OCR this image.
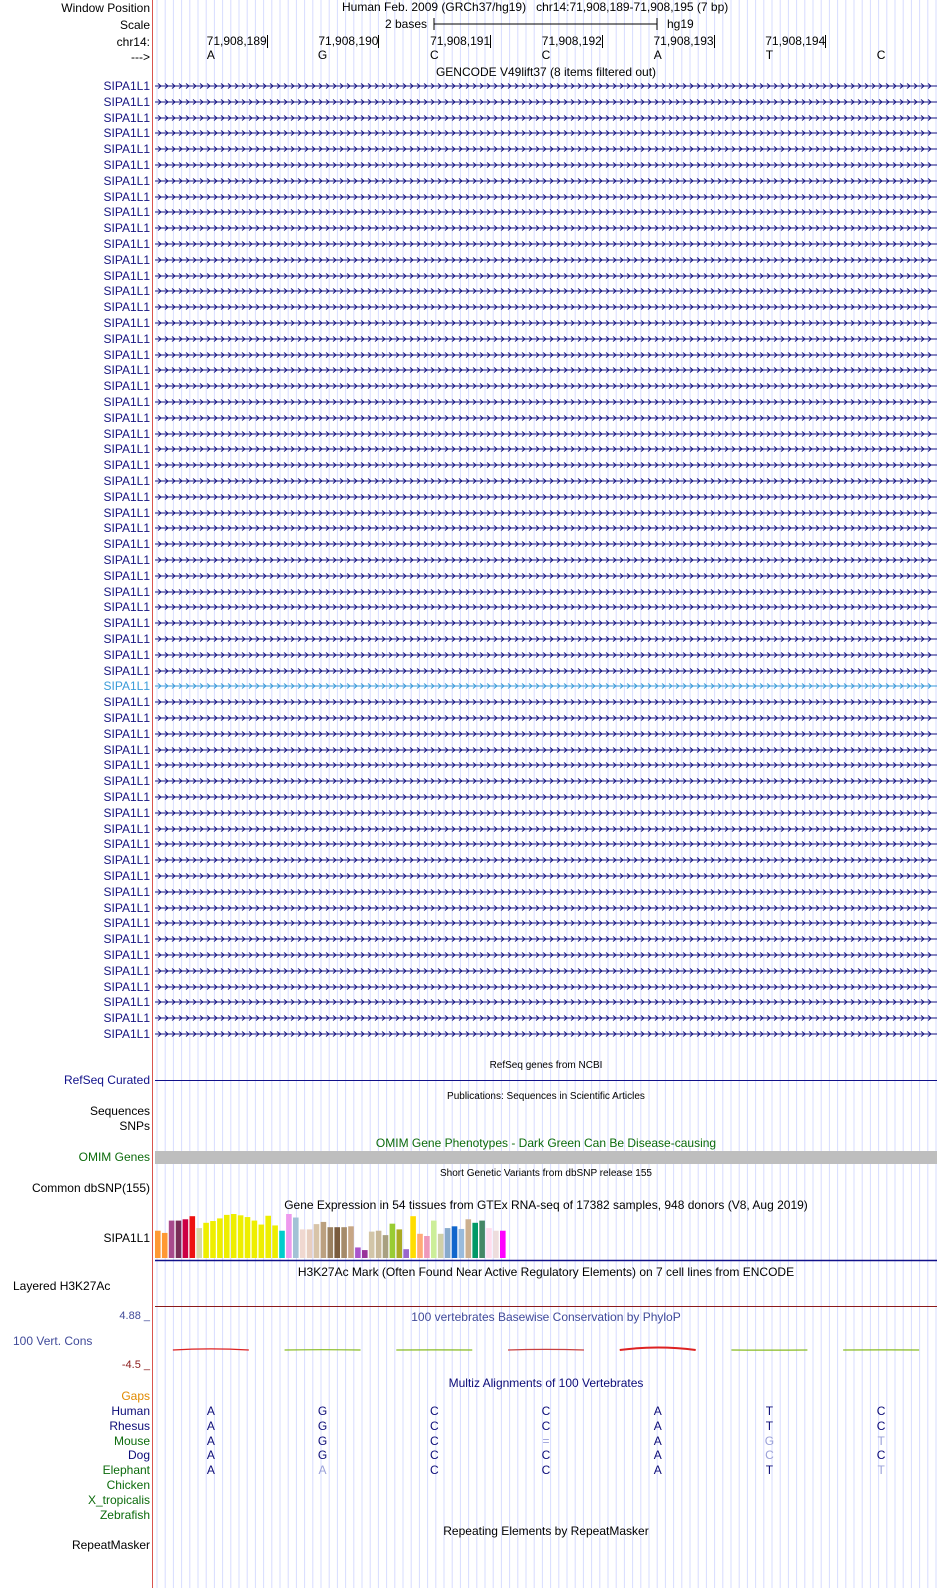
Window Position
Scale
chr14:
--->
Human Feb. 2009 (GRCh37/hg19) chr14:71,908,189-71,908,195 (7 bp)
2 bases	hg19
71,908,189	71,908,190	71,908,191	71,908,192	71,908,193	71,908,194
A	G	C	C	A	T	C
GENCODE V49lift37 (8 items filtered out)
SIPA1L1
SIPA1L1
SIPA1L1
SIPA1L1
SIPA1L1
SIPA1L1
SIPA1L1
SIPA1L1
SIPA1L1
SIPA1L1
SIPA1L1
SIPA1L1
SIPA1L1
SIPA1L1
SIPA1L1
SIPA1L1
SIPA1L1
SIPA1L1
SIPA1L1
SIPA1L1
SIPA1L1
SIPA1L1
SIPA1L1
SIPA1L1
SIPA1L1
SIPA1L1
SIPA1L1
SIPA1L1
SIPA1L1
SIPA1L1
SIPA1L1
SIPA1L1
SIPA1L1
SIPA1L1
SIPA1L1
SIPA1L1
SIPA1L1
SIPA1L1
SIPA1L1
SIPA1L1
SIPA1L1
SIPA1L1
SIPA1L1
SIPA1L1
SIPA1L1
SIPA1L1
SIPA1L1
SIPA1L1
SIPA1L1
SIPA1L1
SIPA1L1
SIPA1L1
SIPA1L1
SIPA1L1
SIPA1L1
SIPA1L1
SIPA1L1
SIPA1L1
SIPA1L1
SIPA1L1
SIPA1L1
RefSeq genes from NCBI
RefSeq Curated
Publications: Sequences in Scientific Articles
Sequences
SNPs
OMIM Gene Phenotypes - Dark Green Can Be Disease-causing
OMIM Genes
Short Genetic Variants from dbSNP release 155
Common dbSNP(155)
Gene Expression in 54 tissues from GTEx RNA-seq of 17382 samples, 948 donors (V8, Aug 2019)
SIPA1L1
H3K27Ac Mark (Often Found Near Active Regulatory Elements) on 7 cell lines from ENCODE
Layered H3K27Ac
100 vertebrates Basewise Conservation by PhyloP
4.88 _
100 Vert. Cons
-4.5 _
Multiz Alignments of 100 Vertebrates
Gaps
Human	A	G	C	C	A	T	C
Rhesus	A	G	C	C	A	T	C
Mouse	A	G	C	=	A	G	T
Dog	A	G	C	C	A	C	C
Elephant	A	A	C	C	A	T	T
Chicken
X_tropicalis
Zebrafish
Repeating Elements by RepeatMasker
RepeatMasker
